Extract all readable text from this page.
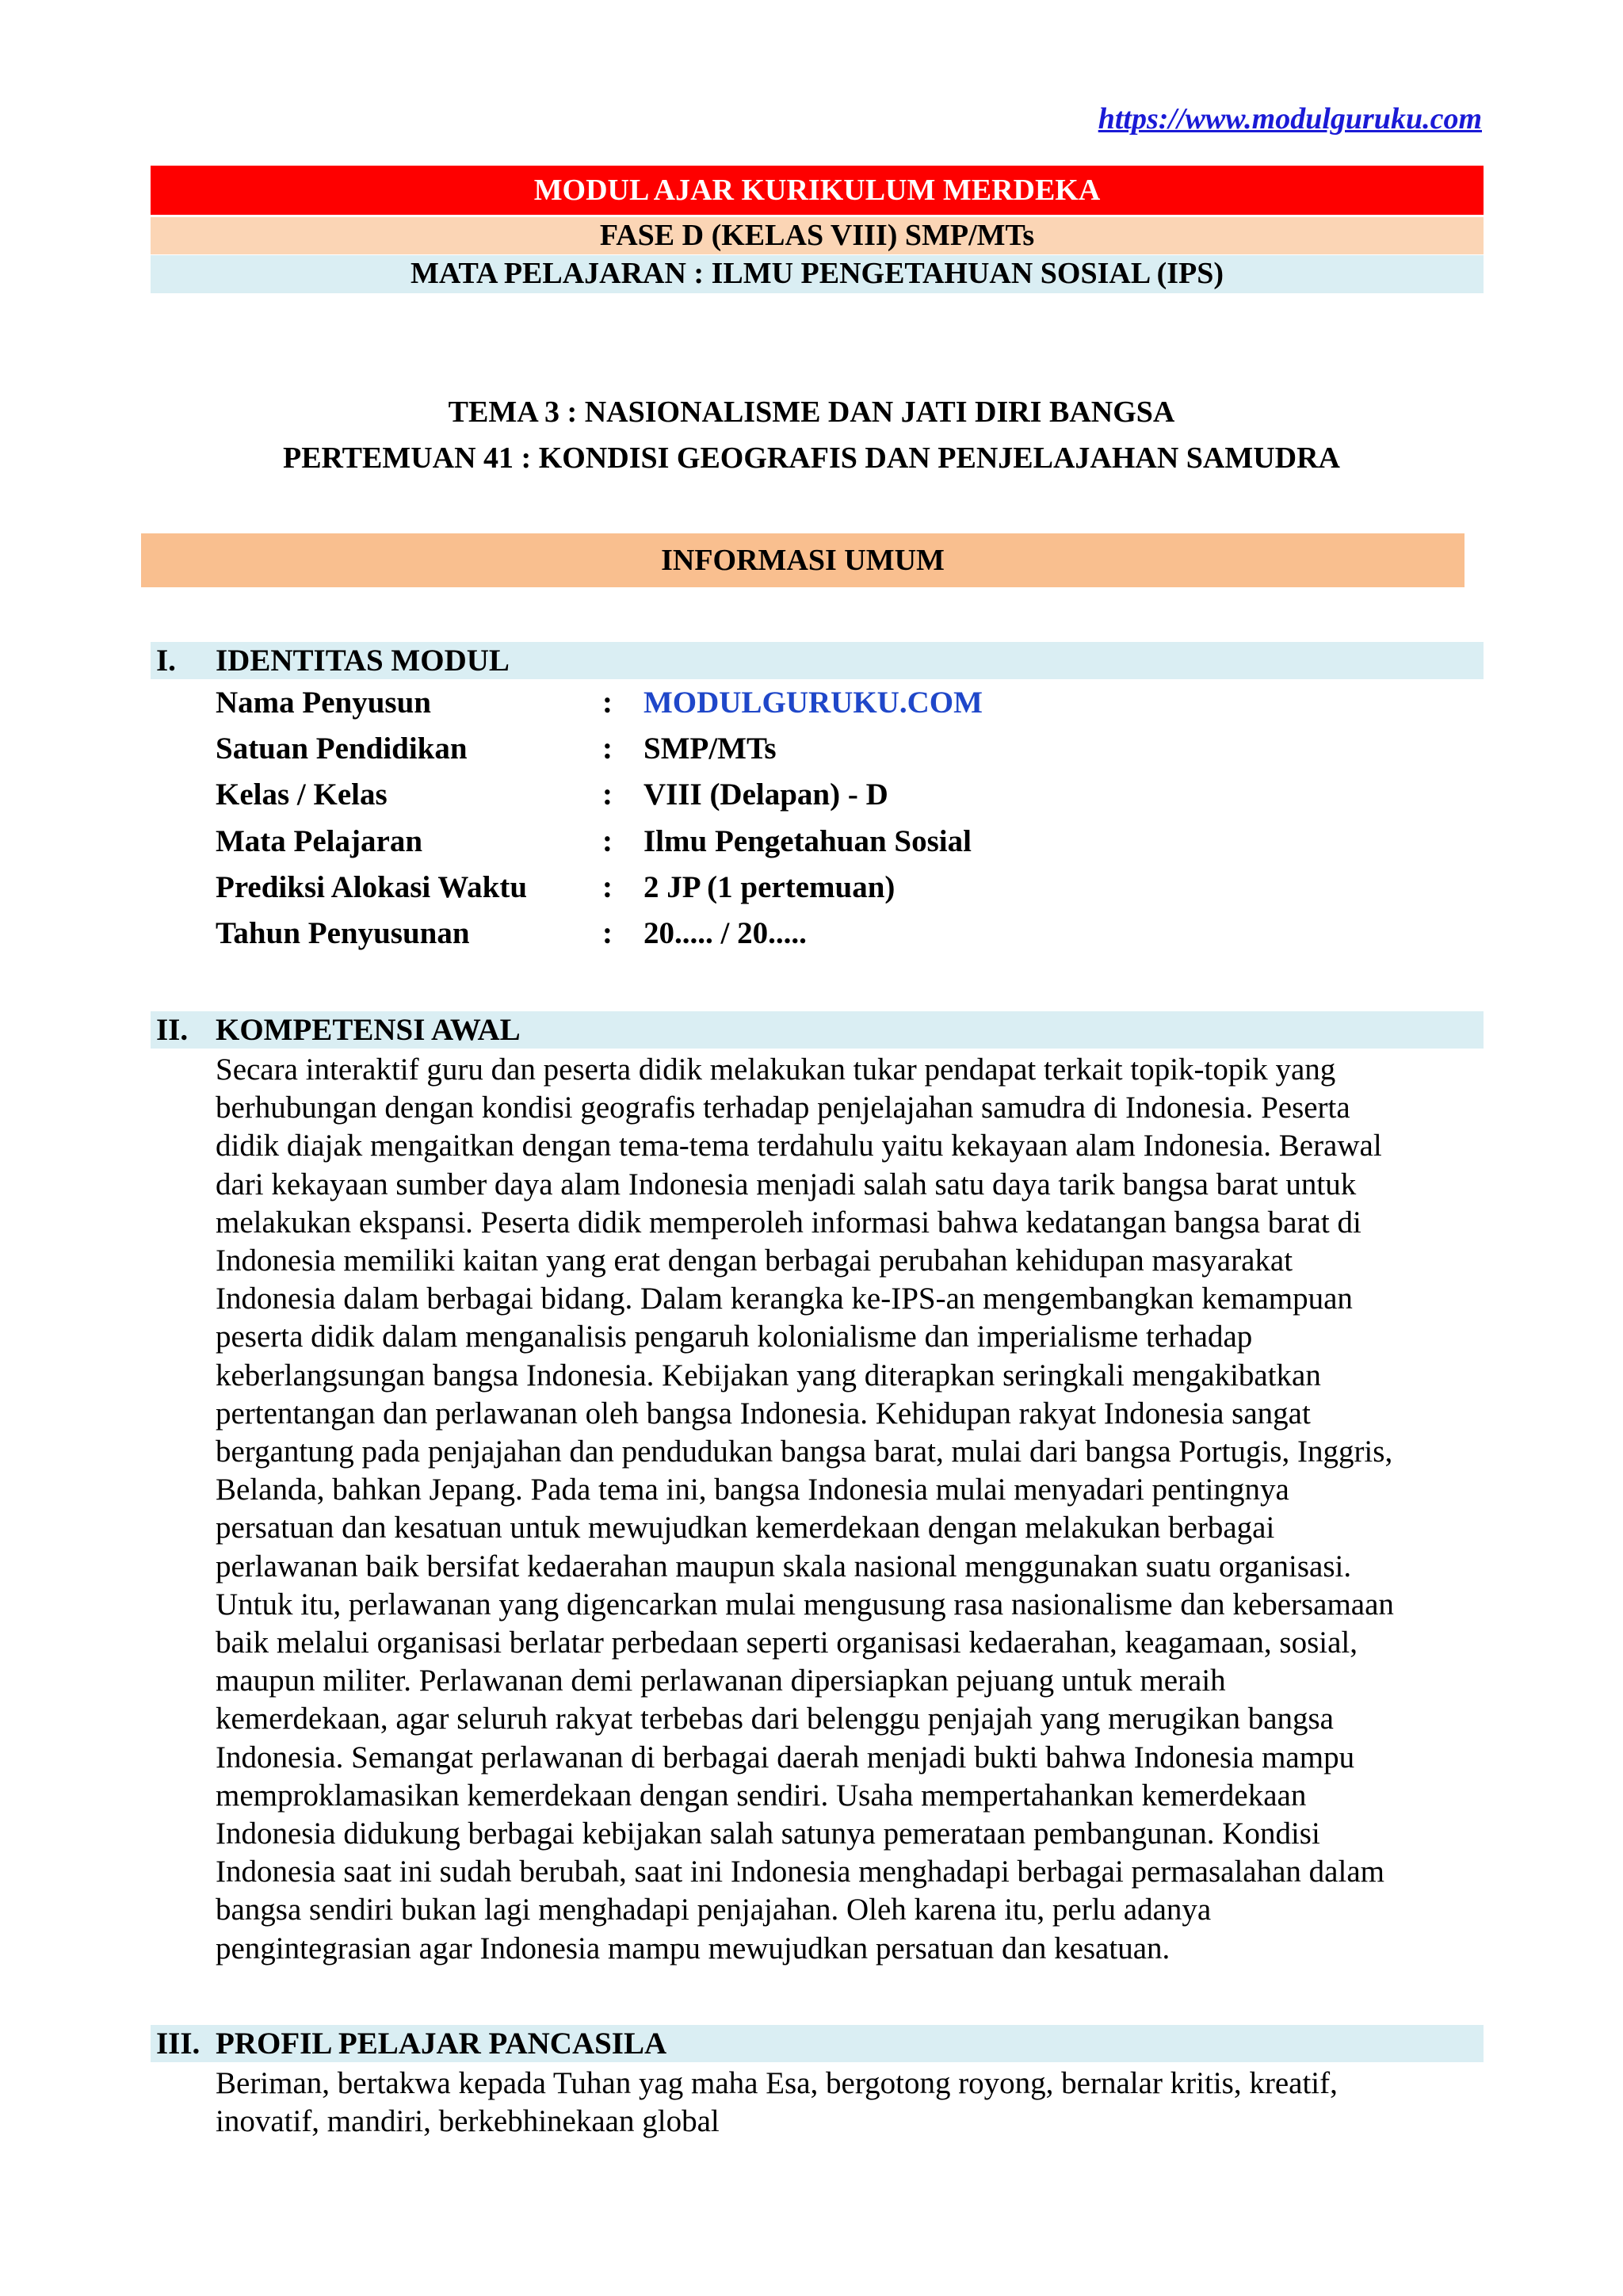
https://www.modulguruku.com
MODUL AJAR KURIKULUM MERDEKA
FASE D (KELAS VIII) SMP/MTs
MATA PELAJARAN : ILMU PENGETAHUAN SOSIAL (IPS)
TEMA 3 : NASIONALISME DAN JATI DIRI BANGSA
PERTEMUAN 41 : KONDISI GEOGRAFIS DAN PENJELAJAHAN SAMUDRA
INFORMASI UMUM
I. IDENTITAS MODUL
Nama Penyusun	: MODULGURUKU.COM
Satuan Pendidikan	: SMP/MTs
Kelas / Kelas	: VIII (Delapan) - D
Mata Pelajaran	: Ilmu Pengetahuan Sosial
Prediksi Alokasi Waktu : 2 JP (1 pertemuan)
Tahun Penyusunan	: 20..... / 20.....
II. KOMPETENSI AWAL
Secara interaktif guru dan peserta didik melakukan tukar pendapat terkait topik-topik yang
berhubungan dengan kondisi geografis terhadap penjelajahan samudra di Indonesia. Peserta
didik diajak mengaitkan dengan tema-tema terdahulu yaitu kekayaan alam Indonesia. Berawal
dari kekayaan sumber daya alam Indonesia menjadi salah satu daya tarik bangsa barat untuk
melakukan ekspansi. Peserta didik memperoleh informasi bahwa kedatangan bangsa barat di
Indonesia memiliki kaitan yang erat dengan berbagai perubahan kehidupan masyarakat
Indonesia dalam berbagai bidang. Dalam kerangka ke-IPS-an mengembangkan kemampuan
peserta didik dalam menganalisis pengaruh kolonialisme dan imperialisme terhadap
keberlangsungan bangsa Indonesia. Kebijakan yang diterapkan seringkali mengakibatkan
pertentangan dan perlawanan oleh bangsa Indonesia. Kehidupan rakyat Indonesia sangat
bergantung pada penjajahan dan pendudukan bangsa barat, mulai dari bangsa Portugis, Inggris,
Belanda, bahkan Jepang. Pada tema ini, bangsa Indonesia mulai menyadari pentingnya
persatuan dan kesatuan untuk mewujudkan kemerdekaan dengan melakukan berbagai
perlawanan baik bersifat kedaerahan maupun skala nasional menggunakan suatu organisasi.
Untuk itu, perlawanan yang digencarkan mulai mengusung rasa nasionalisme dan kebersamaan
baik melalui organisasi berlatar perbedaan seperti organisasi kedaerahan, keagamaan, sosial,
maupun militer. Perlawanan demi perlawanan dipersiapkan pejuang untuk meraih
kemerdekaan, agar seluruh rakyat terbebas dari belenggu penjajah yang merugikan bangsa
Indonesia. Semangat perlawanan di berbagai daerah menjadi bukti bahwa Indonesia mampu
memproklamasikan kemerdekaan dengan sendiri. Usaha mempertahankan kemerdekaan
Indonesia didukung berbagai kebijakan salah satunya pemerataan pembangunan. Kondisi
Indonesia saat ini sudah berubah, saat ini Indonesia menghadapi berbagai permasalahan dalam
bangsa sendiri bukan lagi menghadapi penjajahan. Oleh karena itu, perlu adanya
pengintegrasian agar Indonesia mampu mewujudkan persatuan dan kesatuan.
III. PROFIL PELAJAR PANCASILA
Beriman, bertakwa kepada Tuhan yag maha Esa, bergotong royong, bernalar kritis, kreatif,
inovatif, mandiri, berkebhinekaan global
